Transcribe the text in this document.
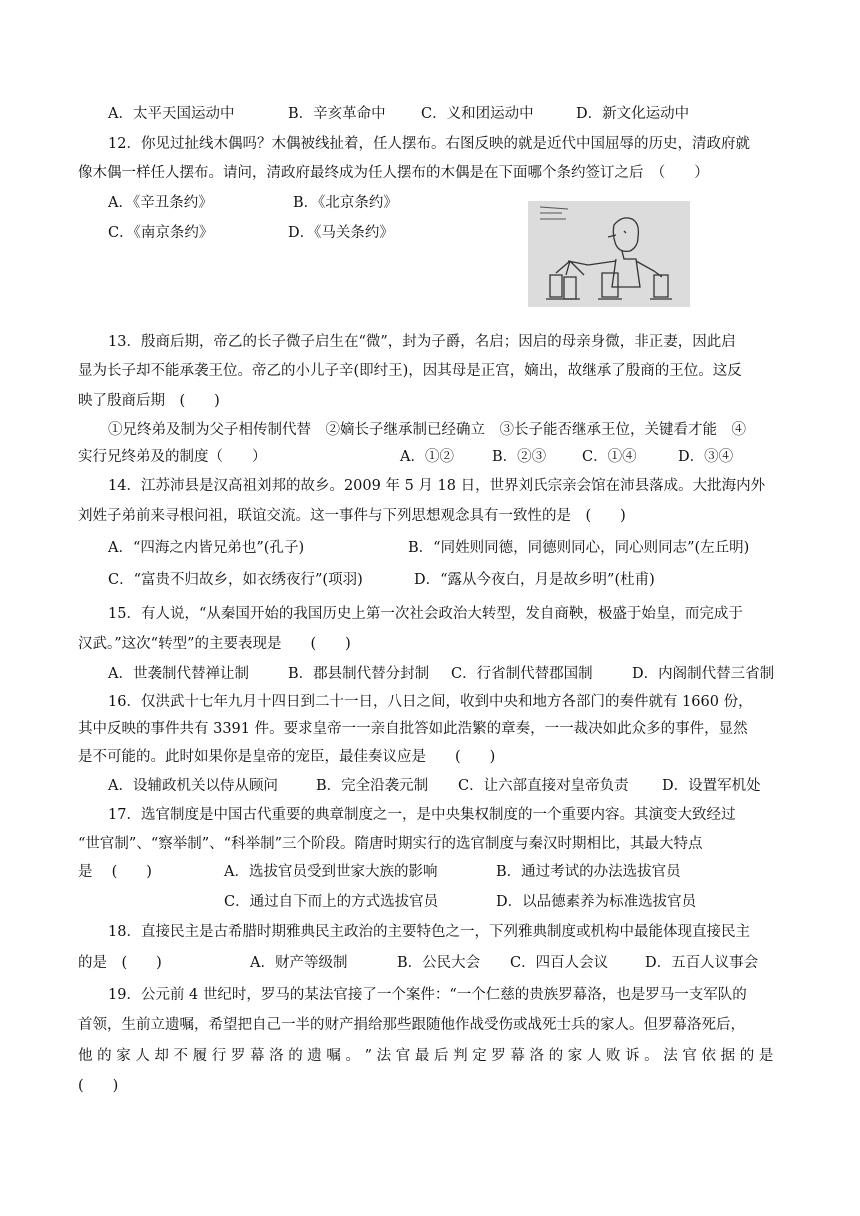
A．太平天国运动中	B．辛亥革命中 C．义和团运动中	D．新文化运动中
12．你见过扯线木偶吗？木偶被线扯着，任人摆布。右图反映的就是近代中国屈辱的历史，清政府就
像木偶一样任人摆布。请问，清政府最终成为任人摆布的木偶是在下面哪个条约签订之后　（　　）
A．《辛丑条约》	B．《北京条约》
C．《南京条约》	D．《马关条约》
13．殷商后期，帝乙的长子微子启生在“微”，封为子爵，名启；因启的母亲身微，非正妻，因此启
显为长子却不能承袭王位。帝乙的小儿子辛(即纣王)，因其母是正宫，嫡出，故继承了殷商的王位。这反
映了殷商后期　(　　)
①兄终弟及制为父子相传制代替　②嫡长子继承制已经确立　③长子能否继承王位，关键看才能　④
实行兄终弟及的制度（　　）	A．①②	B．②③ C．①④	D．③④
14．江苏沛县是汉高祖刘邦的故乡。2009 年 5 月 18 日，世界刘氏宗亲会馆在沛县落成。大批海内外
刘姓子弟前来寻根问祖，联谊交流。这一事件与下列思想观念具有一致性的是　(　　)
A．“四海之内皆兄弟也”(孔子)	B．“同姓则同德，同德则同心，同心则同志”(左丘明)
C．“富贵不归故乡，如衣绣夜行”(项羽)	D．“露从今夜白，月是故乡明”(杜甫)
15．有人说，“从秦国开始的我国历史上第一次社会政治大转型，发自商鞅，极盛于始皇，而完成于
汉武。”这次“转型”的主要表现是　　(　　)
A．世袭制代替禅让制	B．郡县制代替分封制 C．行省制代替郡国制	D．内阁制代替三省制
16．仅洪武十七年九月十四日到二十一日，八日之间，收到中央和地方各部门的奏件就有 1660 份，
其中反映的事件共有 3391 件。要求皇帝一一亲自批答如此浩繁的章奏，一一裁决如此众多的事件，显然
是不可能的。此时如果你是皇帝的宠臣，最佳奏议应是　　(　　)
A．设辅政机关以侍从顾问	B．完全沿袭元制 C．让六部直接对皇帝负责 D．设置军机处
17．选官制度是中国古代重要的典章制度之一，是中央集权制度的一个重要内容。其演变大致经过
“世官制”、“察举制”、“科举制”三个阶段。隋唐时期实行的选官制度与秦汉时期相比，其最大特点
是　 (　　)	A．选拔官员受到世家大族的影响	B．通过考试的办法选拔官员
C．通过自下而上的方式选拔官员	D．以品德素养为标准选拔官员
18．直接民主是古希腊时期雅典民主政治的主要特色之一，下列雅典制度或机构中最能体现直接民主
的是　(　　)	A．财产等级制	B．公民大会 C．四百人会议	D．五百人议事会
19．公元前 4 世纪时，罗马的某法官接了一个案件：“一个仁慈的贵族罗幕洛，也是罗马一支军队的
首领，生前立遗嘱，希望把自己一半的财产捐给那些跟随他作战受伤或战死士兵的家人。但罗幕洛死后，
他 的 家 人 却 不 履 行 罗 幕 洛 的 遗 嘱 。 ” 法 官 最 后 判 定 罗 幕 洛 的 家 人 败 诉 。 法 官 依 据 的 是
(　　)
